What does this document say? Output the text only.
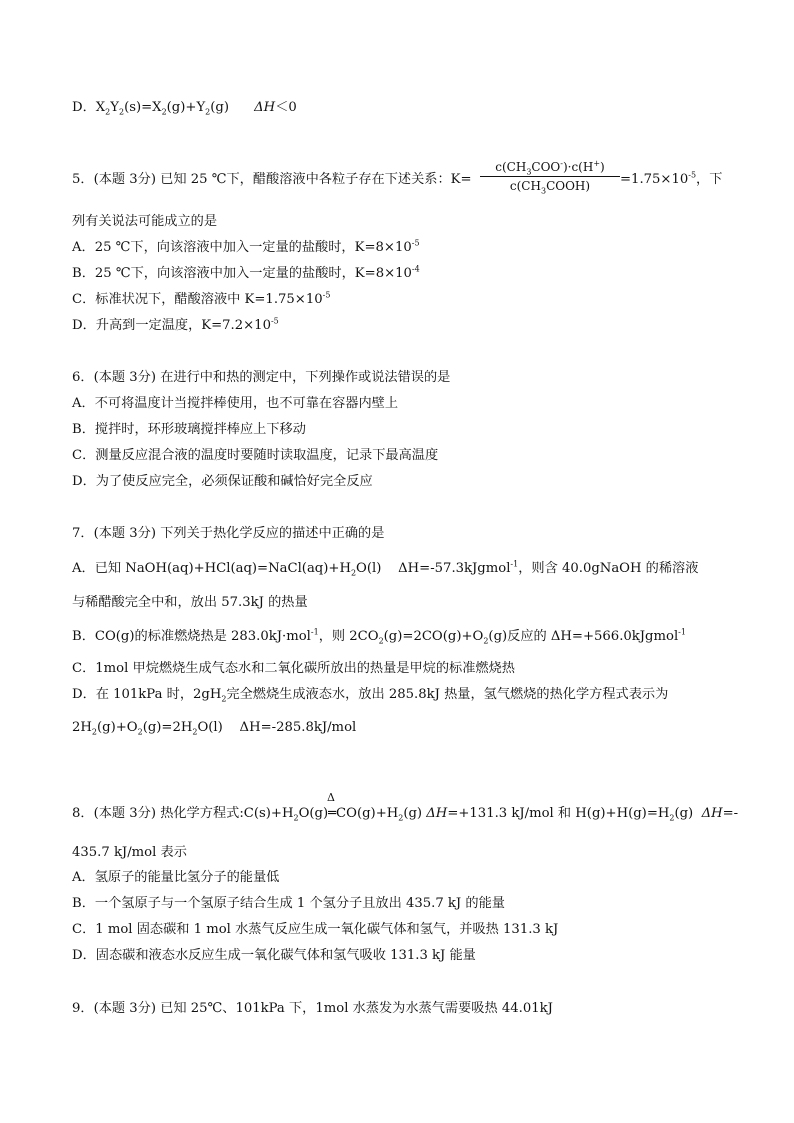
D．$X_2Y_2(s)=X_2(g)+Y_2(g)$      ΔH＜0
5．(本题 3分) 已知 25 ℃下，醋酸溶液中各粒子存在下述关系：K=
$c(CH_3COO^-)\cdot c(H^+)$
$c(CH_3COOH)$	$=1.75\times 10^{-5}$，下
列有关说法可能成立的是
A．25 ℃下，向该溶液中加入一定量的盐酸时，$K=8\times 10^{-5}$
B．25 ℃下，向该溶液中加入一定量的盐酸时，$K=8\times 10^{-4}$
C．标准状况下，醋酸溶液中 $K=1.75\times 10^{-5}$
D．升高到一定温度，$K=7.2\times 10^{-5}$
6．(本题 3分) 在进行中和热的测定中，下列操作或说法错误的是
A．不可将温度计当搅拌棒使用，也不可靠在容器内壁上
B．搅拌时，环形玻璃搅拌棒应上下移动
C．测量反应混合液的温度时要随时读取温度，记录下最高温度
D．为了使反应完全，必须保证酸和碱恰好完全反应
7．(本题 3分) 下列关于热化学反应的描述中正确的是
A．已知 $NaOH(aq)+HCl(aq)=NaCl(aq)+H_2O(l)$    ΔH=-57.3kJgmol$^{-1}$，则含 40.0gNaOH 的稀溶液
与稀醋酸完全中和，放出 57.3kJ 的热量
B．CO(g)的标准燃烧热是 283.0kJ·mol$^{-1}$，则 $2CO_2(g)=2CO(g)+O_2(g)$反应的 ΔH=+566.0kJgmol$^{-1}$
C．1mol 甲烷燃烧生成气态水和二氧化碳所放出的热量是甲烷的标准燃烧热
D．在 101kPa 时，$2gH_2$完全燃烧生成液态水，放出 285.8kJ 热量，氢气燃烧的热化学方程式表示为
$2H_2(g)+O_2(g)=2H_2O(l)$    ΔH=-285.8kJ/mol
Δ
8．(本题 3分) 热化学方程式$:C(s)+H_2O(g)═CO(g)+H_2(g)$ ΔH=+131.3 kJ/mol 和 $H(g)+H(g)=H_2(g)$  ΔH=-
435.7 kJ/mol 表示
A．氢原子的能量比氢分子的能量低
B．一个氢原子与一个氢原子结合生成 1 个氢分子且放出 435.7 kJ 的能量
C．1 mol 固态碳和 1 mol 水蒸气反应生成一氧化碳气体和氢气，并吸热 131.3 kJ
D．固态碳和液态水反应生成一氧化碳气体和氢气吸收 131.3 kJ 能量
9．(本题 3分) 已知 25℃、101kPa 下，1mol 水蒸发为水蒸气需要吸热 44.01kJ
